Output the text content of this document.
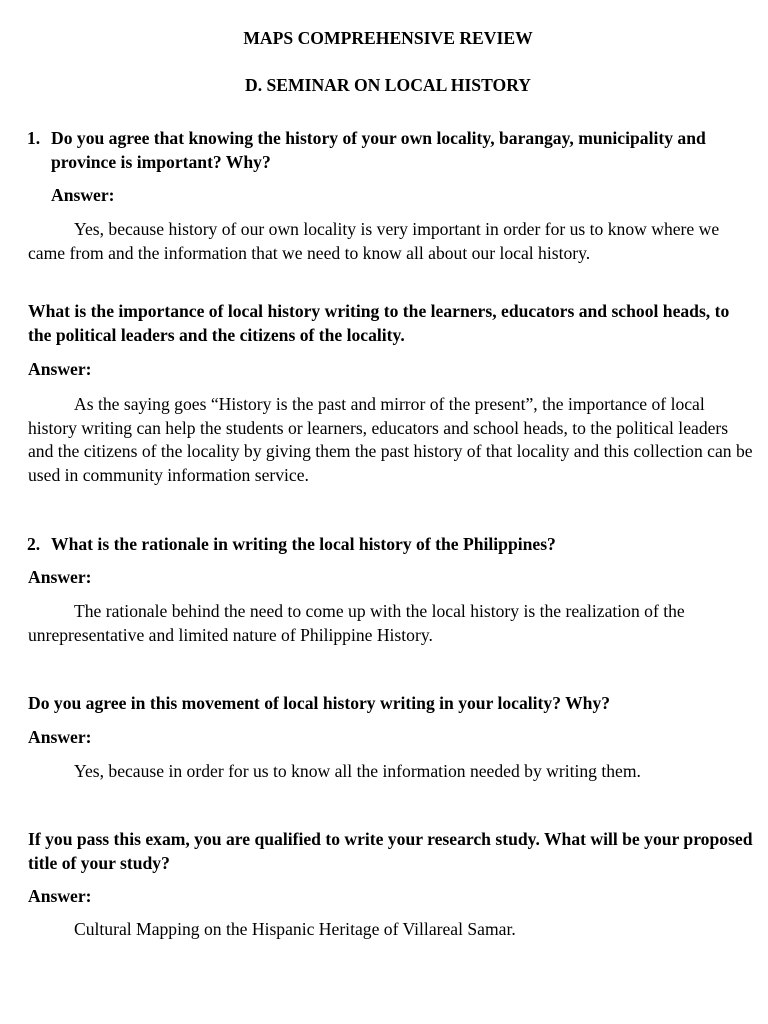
MAPS COMPREHENSIVE REVIEW

D. SEMINAR ON LOCAL HISTORY

1. Do you agree that knowing the history of your own locality, barangay, municipality and province is important? Why?

Answer:

Yes, because history of our own locality is very important in order for us to know where we came from and the information that we need to know all about our local history.

What is the importance of local history writing to the learners, educators and school heads, to the political leaders and the citizens of the locality.

Answer:

As the saying goes “History is the past and mirror of the present”, the importance of local history writing can help the students or learners, educators and school heads, to the political leaders and the citizens of the locality by giving them the past history of that locality and this collection can be used in community information service.

2. What is the rationale in writing the local history of the Philippines?

Answer:

The rationale behind the need to come up with the local history is the realization of the unrepresentative and limited nature of Philippine History.

Do you agree in this movement of local history writing in your locality? Why?

Answer:

Yes, because in order for us to know all the information needed by writing them.

If you pass this exam, you are qualified to write your research study. What will be your proposed title of your study?

Answer:

Cultural Mapping on the Hispanic Heritage of Villareal Samar.
